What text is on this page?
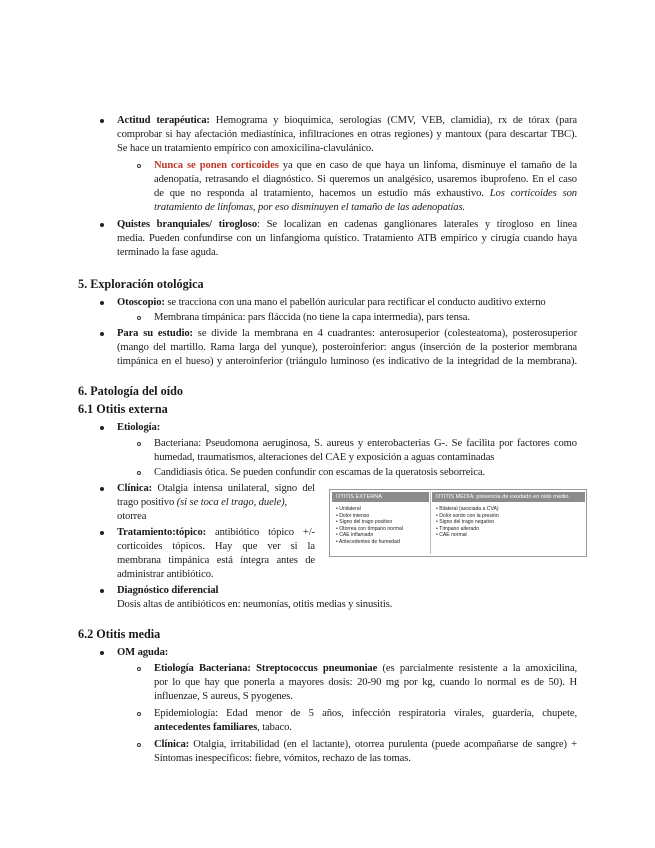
Actitud terapéutica: Hemograma y bioquímica, serologías (CMV, VEB, clamidia), rx de tórax (para
comprobar si hay afectación mediastínica, infiltraciones en otras regiones) y mantoux (para descartar TBC).
Se hace un tratamiento empírico con amoxicilina-clavulánico.
Nunca se ponen corticoides ya que en caso de que haya un linfoma, disminuye el tamaño de la
adenopatía, retrasando el diagnóstico. Si queremos un analgésico, usaremos ibuprofeno. En el caso
de que no responda al tratamiento, hacemos un estudio más exhaustivo. Los corticoides son
tratamiento de linfomas, por eso disminuyen el tamaño de las adenopatías.
Quistes branquiales/ tirogloso: Se localizan en cadenas ganglionares laterales y tirogloso en línea
media. Pueden confundirse con un linfangioma quístico. Tratamiento ATB empírico y cirugía cuando haya
terminado la fase aguda.
Otoscopio: se tracciona con una mano el pabellón auricular para rectificar el conducto auditivo externo
Membrana timpánica: pars fláccida (no tiene la capa intermedia), pars tensa.
Para su estudio: se divide la membrana en 4 cuadrantes: anterosuperior (colesteatoma), posterosuperior
(mango del martillo. Rama larga del yunque), posteroinferior: angus (inserción de la posterior membrana
timpánica en el hueso) y anteroinferior (triángulo luminoso (es indicativo de la integridad de la membrana).
Etiología:
Bacteriana: Pseudomona aeruginosa, S. aureus y enterobacterias G-. Se facilita por factores como
humedad, traumatismos, alteraciones del CAE y exposición a aguas contaminadas
Candidiasis ótica. Se pueden confundir con escamas de la queratosis seborreica.
Clínica: Otalgia intensa unilateral, signo del
trago positivo (si se toca el trago, duele),
otorrea
Tratamiento:tópico: antibiótico tópico +/-
corticoides tópicos. Hay que ver si la
membrana timpánica está íntegra antes de
administrar antibiótico.
Diagnóstico diferencial
Dosis altas de antibióticos en: neumonías, otitis medias y sinusitis.
OM aguda:
Etiología Bacteriana: Streptococcus pneumoniae (es parcialmente resistente a la amoxicilina,
por lo que hay que ponerla a mayores dosis: 20-90 mg por kg, cuando lo normal es de 50). H
influenzae, S aureus, S pyogenes.
Epidemiología: Edad menor de 5 años, infección respiratoria virales, guardería, chupete,
antecedentes familiares, tabaco.
Clínica: Otalgia, irritabilidad (en el lactante), otorrea purulenta (puede acompañarse de sangre) +
Síntomas inespecíficos: fiebre, vómitos, rechazo de las tomas.
5. Exploración otológica
6. Patología del oído
6.1 Otitis externa
6.2 Otitis media
OTITIS EXTERNA	OTITIS MEDIA: presencia de exudado en oído medio
• Unilateral
• Dolor intenso
• Signo del trago positivo
• Otorrea con tímpano normal
• CAE inflamado
• Antecedentes de humedad
• Bilateral (asociada a CVA)
• Dolor sordo con la presión
• Signo del trago negativo
• Tímpano alterado
• CAE normal
